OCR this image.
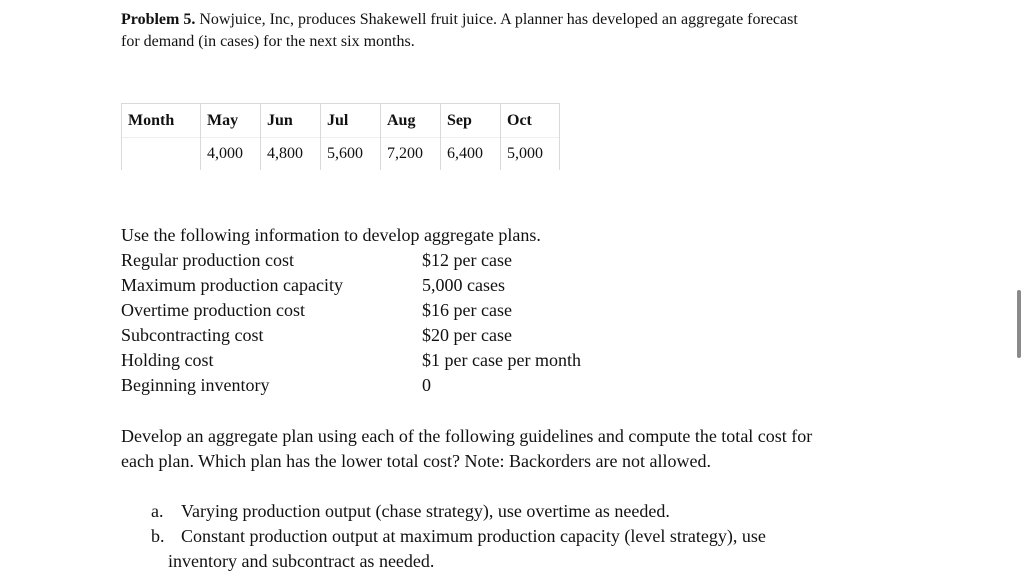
Problem 5. Nowjuice, Inc, produces Shakewell fruit juice. A planner has developed an aggregate forecast
for demand (in cases) for the next six months.
Month	May	Jun	Jul	Aug	Sep	Oct
	4,000	4,800	5,600	7,200	6,400	5,000
Use the following information to develop aggregate plans.
Regular production cost	$12 per case
Maximum production capacity	5,000 cases
Overtime production cost	$16 per case
Subcontracting cost	$20 per case
Holding cost	$1 per case per month
Beginning inventory	0
Develop an aggregate plan using each of the following guidelines and compute the total cost for
each plan. Which plan has the lower total cost? Note: Backorders are not allowed.
a. Varying production output (chase strategy), use overtime as needed.
b. Constant production output at maximum production capacity (level strategy), use
inventory and subcontract as needed.
